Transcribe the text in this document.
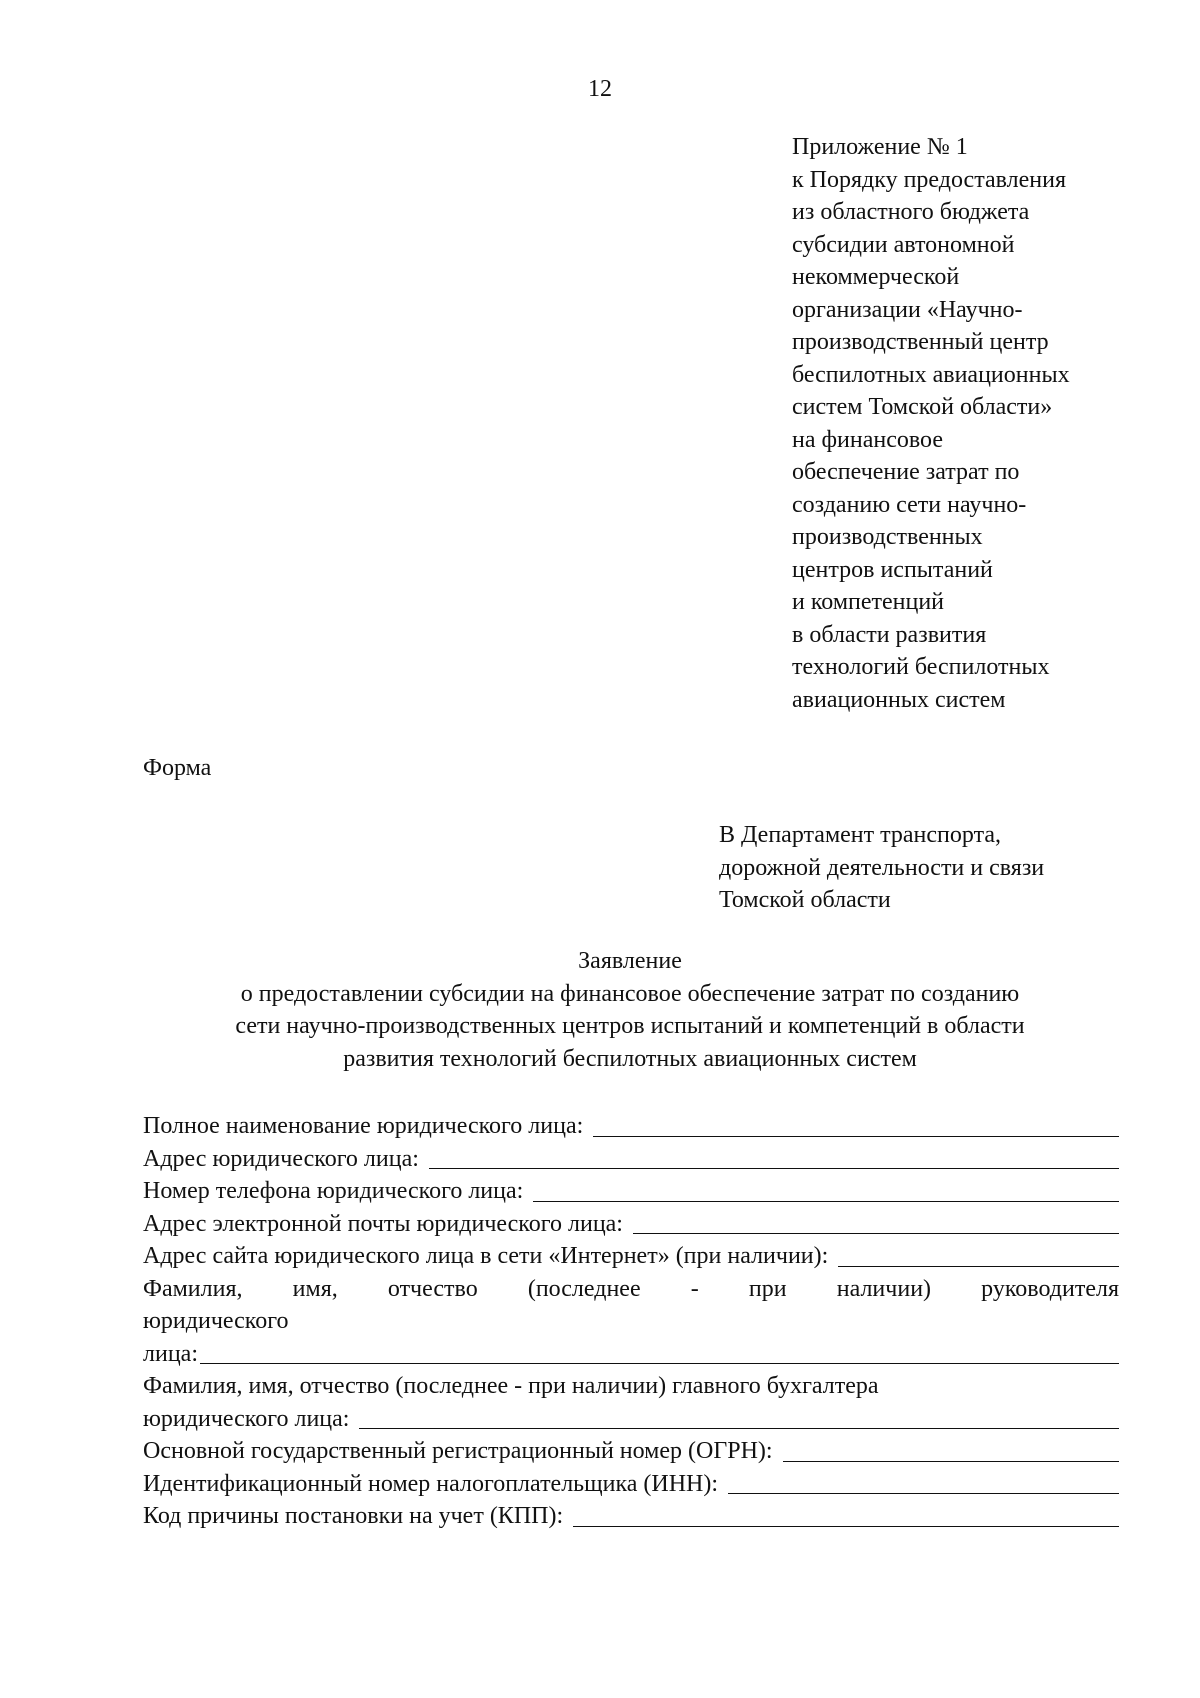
12
Приложение № 1
к Порядку предоставления
из областного бюджета
субсидии автономной
некоммерческой
организации «Научно-
производственный центр
беспилотных авиационных
систем Томской области»
на финансовое
обеспечение затрат по
созданию сети научно-
производственных
центров испытаний
и компетенций
в области развития
технологий беспилотных
авиационных систем
Форма
В Департамент транспорта,
дорожной деятельности и связи
Томской области
Заявление
о предоставлении субсидии на финансовое обеспечение затрат по созданию
сети научно-производственных центров испытаний и компетенций в области
развития технологий беспилотных авиационных систем
Полное наименование юридического лица:
Адрес юридического лица:
Номер телефона юридического лица:
Адрес электронной почты юридического лица:
Адрес сайта юридического лица в сети «Интернет» (при наличии):
Фамилия, имя, отчество (последнее - при наличии) руководителя
юридического
лица:
Фамилия, имя, отчество (последнее - при наличии) главного бухгалтера
юридического лица:
Основной государственный регистрационный номер (ОГРН):
Идентификационный номер налогоплательщика (ИНН):
Код причины постановки на учет (КПП):
